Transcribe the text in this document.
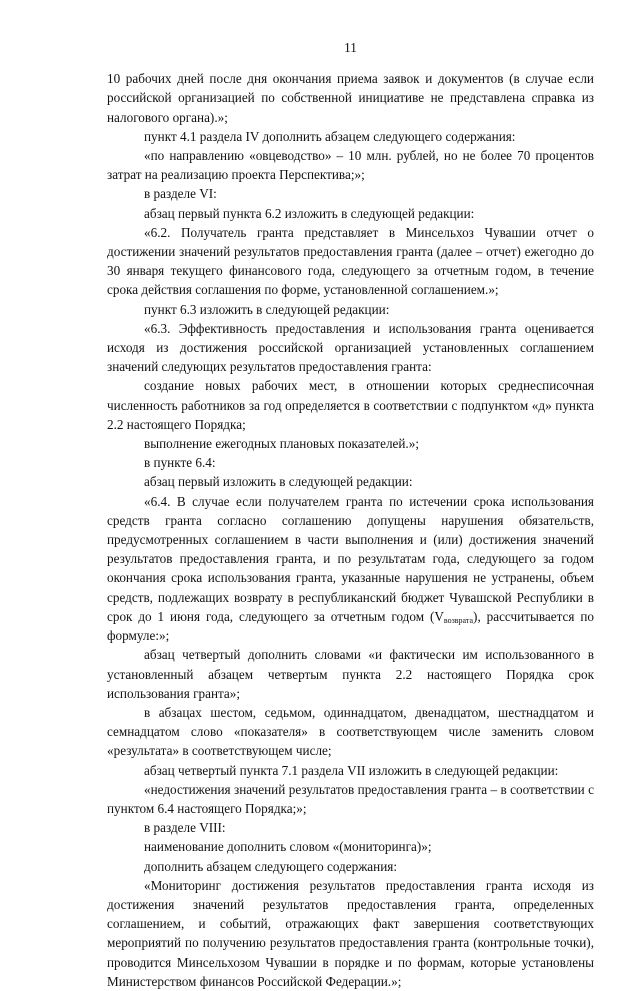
11

10 рабочих дней после дня окончания приема заявок и документов (в случае если российской организацией по собственной инициативе не представлена справка из налогового органа).»;

пункт 4.1 раздела IV дополнить абзацем следующего содержания:

«по направлению «овцеводство» – 10 млн. рублей, но не более 70 процентов затрат на реализацию проекта Перспектива;»;

в разделе VI:

абзац первый пункта 6.2 изложить в следующей редакции:

«6.2. Получатель гранта представляет в Минсельхоз Чувашии отчет о достижении значений результатов предоставления гранта (далее – отчет) ежегодно до 30 января текущего финансового года, следующего за отчетным годом, в течение срока действия соглашения по форме, установленной соглашением.»;

пункт 6.3 изложить в следующей редакции:

«6.3. Эффективность предоставления и использования гранта оценивается исходя из достижения российской организацией установленных соглашением значений следующих результатов предоставления гранта:

создание новых рабочих мест, в отношении которых среднесписочная численность работников за год определяется в соответствии с подпунктом «д» пункта 2.2 настоящего Порядка;

выполнение ежегодных плановых показателей.»;

в пункте 6.4:

абзац первый изложить в следующей редакции:

«6.4. В случае если получателем гранта по истечении срока использования средств гранта согласно соглашению допущены нарушения обязательств, предусмотренных соглашением в части выполнения и (или) достижения значений результатов предоставления гранта, и по результатам года, следующего за годом окончания срока использования гранта, указанные нарушения не устранены, объем средств, подлежащих возврату в республиканский бюджет Чувашской Республики в срок до 1 июня года, следующего за отчетным годом $(V_{возврата})$, рассчитывается по формуле:»;

абзац четвертый дополнить словами «и фактически им использованного в установленный абзацем четвертым пункта 2.2 настоящего Порядка срок использования гранта»;

в абзацах шестом, седьмом, одиннадцатом, двенадцатом, шестнадцатом и семнадцатом слово «показателя» в соответствующем числе заменить словом «результата» в соответствующем числе;

абзац четвертый пункта 7.1 раздела VII изложить в следующей редакции:

«недостижения значений результатов предоставления гранта – в соответствии с пунктом 6.4 настоящего Порядка;»;

в разделе VIII:

наименование дополнить словом «(мониторинга)»;

дополнить абзацем следующего содержания:

«Мониторинг достижения результатов предоставления гранта исходя из достижения значений результатов предоставления гранта, определенных соглашением, и событий, отражающих факт завершения соответствующих мероприятий по получению результатов предоставления гранта (контрольные точки), проводится Минсельхозом Чувашии в порядке и по формам, которые установлены Министерством финансов Российской Федерации.»;
